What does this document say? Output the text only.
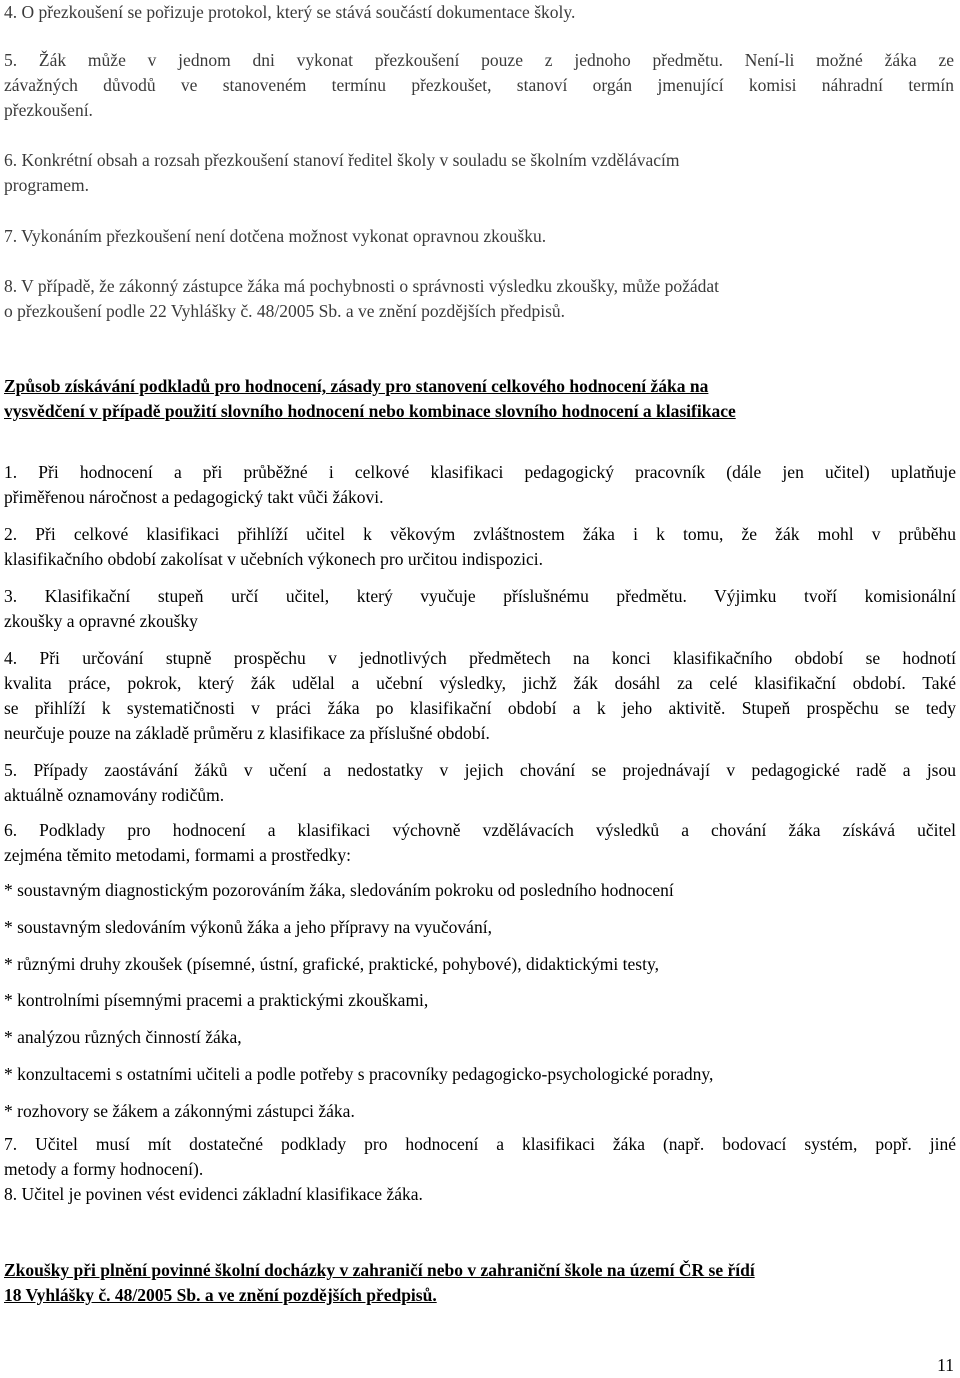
4. O přezkoušení se pořizuje protokol, který se stává součástí dokumentace školy.
5. Žák může v jednom dni vykonat přezkoušení pouze z jednoho předmětu. Není-li možné žáka ze
závažných důvodů ve stanoveném termínu přezkoušet, stanoví orgán jmenující komisi náhradní termín
přezkoušení.
6. Konkrétní obsah a rozsah přezkoušení stanoví ředitel školy v souladu se školním vzdělávacím
programem.
7. Vykonáním přezkoušení není dotčena možnost vykonat opravnou zkoušku.
8. V případě, že zákonný zástupce žáka má pochybnosti o správnosti výsledku zkoušky, může požádat
o přezkoušení podle 22 Vyhlášky č. 48/2005 Sb. a ve znění pozdějších předpisů.
Způsob získávání podkladů pro hodnocení, zásady pro stanovení celkového hodnocení žáka na
vysvědčení v případě použití slovního hodnocení nebo kombinace slovního hodnocení a klasifikace
1. Při hodnocení a při průběžné i celkové klasifikaci pedagogický pracovník (dále jen učitel) uplatňuje
přiměřenou náročnost a pedagogický takt vůči žákovi.
2. Při celkové klasifikaci přihlíží učitel k věkovým zvláštnostem žáka i k tomu, že žák mohl v průběhu
klasifikačního období zakolísat v učebních výkonech pro určitou indispozici.
3. Klasifikační stupeň určí učitel, který vyučuje příslušnému předmětu. Výjimku tvoří komisionální
zkoušky a opravné zkoušky
4. Při určování stupně prospěchu v jednotlivých předmětech na konci klasifikačního období se hodnotí
kvalita práce, pokrok, který žák udělal a učební výsledky, jichž žák dosáhl za celé klasifikační období. Také
se přihlíží k systematičnosti v práci žáka po klasifikační období a k jeho aktivitě. Stupeň prospěchu se tedy
neurčuje pouze na základě průměru z klasifikace za příslušné období.
5. Případy zaostávání žáků v učení a nedostatky v jejich chování se projednávají v pedagogické radě a jsou
aktuálně oznamovány rodičům.
6. Podklady pro hodnocení a klasifikaci výchovně vzdělávacích výsledků a chování žáka získává učitel
zejména těmito metodami, formami a prostředky:
* soustavným diagnostickým pozorováním žáka, sledováním pokroku od posledního hodnocení
* soustavným sledováním výkonů žáka a jeho přípravy na vyučování,
* různými druhy zkoušek (písemné, ústní, grafické, praktické, pohybové), didaktickými testy,
* kontrolními písemnými pracemi a praktickými zkouškami,
* analýzou různých činností žáka,
* konzultacemi s ostatními učiteli a podle potřeby s pracovníky pedagogicko-psychologické poradny,
* rozhovory se žákem a zákonnými zástupci žáka.
7. Učitel musí mít dostatečné podklady pro hodnocení a klasifikaci žáka (např. bodovací systém, popř. jiné
metody a formy hodnocení).
8. Učitel je povinen vést evidenci základní klasifikace žáka.
Zkoušky při plnění povinné školní docházky v zahraničí nebo v zahraniční škole na území ČR se řídí
18 Vyhlášky č. 48/2005 Sb. a ve znění pozdějších předpisů.
11
